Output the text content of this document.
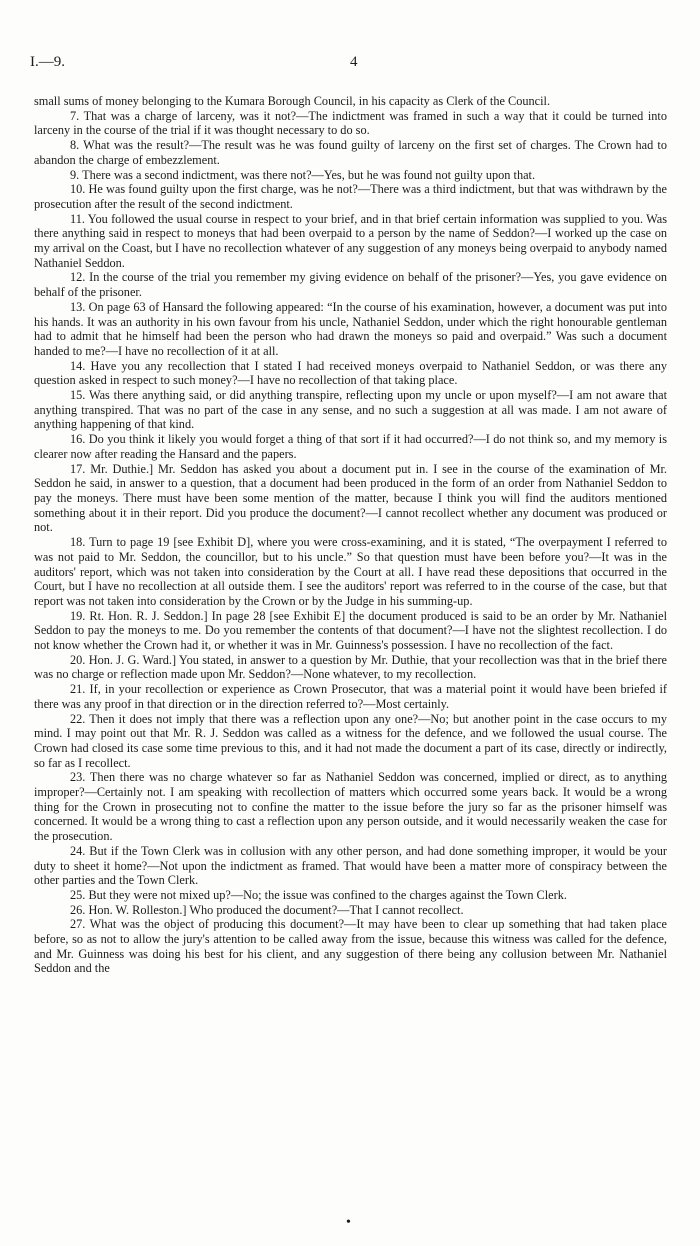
I.—9.	4

small sums of money belonging to the Kumara Borough Council, in his capacity as Clerk of the Council.

7. That was a charge of larceny, was it not?—The indictment was framed in such a way that it could be turned into larceny in the course of the trial if it was thought necessary to do so.

8. What was the result?—The result was he was found guilty of larceny on the first set of charges. The Crown had to abandon the charge of embezzlement.

9. There was a second indictment, was there not?—Yes, but he was found not guilty upon that.

10. He was found guilty upon the first charge, was he not?—There was a third indictment, but that was withdrawn by the prosecution after the result of the second indictment.

11. You followed the usual course in respect to your brief, and in that brief certain information was supplied to you. Was there anything said in respect to moneys that had been overpaid to a person by the name of Seddon?—I worked up the case on my arrival on the Coast, but I have no recollection whatever of any suggestion of any moneys being overpaid to anybody named Nathaniel Seddon.

12. In the course of the trial you remember my giving evidence on behalf of the prisoner?—Yes, you gave evidence on behalf of the prisoner.

13. On page 63 of Hansard the following appeared: “In the course of his examination, however, a document was put into his hands. It was an authority in his own favour from his uncle, Nathaniel Seddon, under which the right honourable gentleman had to admit that he himself had been the person who had drawn the moneys so paid and overpaid.” Was such a document handed to me?—I have no recollection of it at all.

14. Have you any recollection that I stated I had received moneys overpaid to Nathaniel Seddon, or was there any question asked in respect to such money?—I have no recollection of that taking place.

15. Was there anything said, or did anything transpire, reflecting upon my uncle or upon myself?—I am not aware that anything transpired. That was no part of the case in any sense, and no such a suggestion at all was made. I am not aware of anything happening of that kind.

16. Do you think it likely you would forget a thing of that sort if it had occurred?—I do not think so, and my memory is clearer now after reading the Hansard and the papers.

17. Mr. Duthie.] Mr. Seddon has asked you about a document put in. I see in the course of the examination of Mr. Seddon he said, in answer to a question, that a document had been produced in the form of an order from Nathaniel Seddon to pay the moneys. There must have been some mention of the matter, because I think you will find the auditors mentioned something about it in their report. Did you produce the document?—I cannot recollect whether any document was produced or not.

18. Turn to page 19 [see Exhibit D], where you were cross-examining, and it is stated, “The overpayment I referred to was not paid to Mr. Seddon, the councillor, but to his uncle.” So that question must have been before you?—It was in the auditors' report, which was not taken into consideration by the Court at all. I have read these depositions that occurred in the Court, but I have no recollection at all outside them. I see the auditors' report was referred to in the course of the case, but that report was not taken into consideration by the Crown or by the Judge in his summing-up.

19. Rt. Hon. R. J. Seddon.] In page 28 [see Exhibit E] the document produced is said to be an order by Mr. Nathaniel Seddon to pay the moneys to me. Do you remember the contents of that document?—I have not the slightest recollection. I do not know whether the Crown had it, or whether it was in Mr. Guinness's possession. I have no recollection of the fact.

20. Hon. J. G. Ward.] You stated, in answer to a question by Mr. Duthie, that your recollection was that in the brief there was no charge or reflection made upon Mr. Seddon?—None whatever, to my recollection.

21. If, in your recollection or experience as Crown Prosecutor, that was a material point it would have been briefed if there was any proof in that direction or in the direction referred to?—Most certainly.

22. Then it does not imply that there was a reflection upon any one?—No; but another point in the case occurs to my mind. I may point out that Mr. R. J. Seddon was called as a witness for the defence, and we followed the usual course. The Crown had closed its case some time previous to this, and it had not made the document a part of its case, directly or indirectly, so far as I recollect.

23. Then there was no charge whatever so far as Nathaniel Seddon was concerned, implied or direct, as to anything improper?—Certainly not. I am speaking with recollection of matters which occurred some years back. It would be a wrong thing for the Crown in prosecuting not to confine the matter to the issue before the jury so far as the prisoner himself was concerned. It would be a wrong thing to cast a reflection upon any person outside, and it would necessarily weaken the case for the prosecution.

24. But if the Town Clerk was in collusion with any other person, and had done something improper, it would be your duty to sheet it home?—Not upon the indictment as framed. That would have been a matter more of conspiracy between the other parties and the Town Clerk.

25. But they were not mixed up?—No; the issue was confined to the charges against the Town Clerk.

26. Hon. W. Rolleston.] Who produced the document?—That I cannot recollect.

27. What was the object of producing this document?—It may have been to clear up something that had taken place before, so as not to allow the jury's attention to be called away from the issue, because this witness was called for the defence, and Mr. Guinness was doing his best for his client, and any suggestion of there being any collusion between Mr. Nathaniel Seddon and the

•
